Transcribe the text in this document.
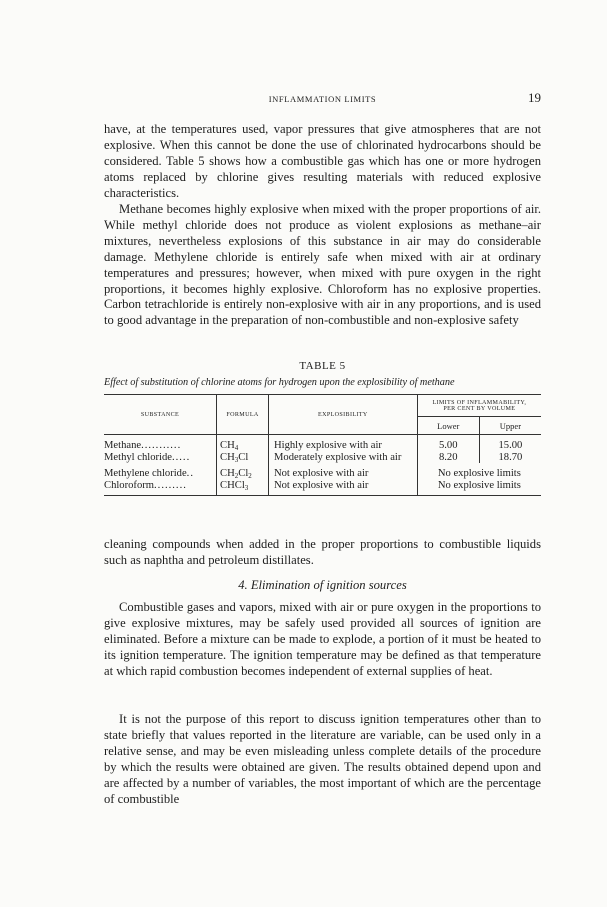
INFLAMMATION LIMITS	19

have, at the temperatures used, vapor pressures that give atmospheres that are not explosive. When this cannot be done the use of chlorinated hydrocarbons should be considered. Table 5 shows how a combustible gas which has one or more hydrogen atoms replaced by chlorine gives resulting materials with reduced explosive characteristics.

Methane becomes highly explosive when mixed with the proper proportions of air. While methyl chloride does not produce as violent explosions as methane–air mixtures, nevertheless explosions of this substance in air may do considerable damage. Methylene chloride is entirely safe when mixed with air at ordinary temperatures and pressures; however, when mixed with pure oxygen in the right proportions, it becomes highly explosive. Chloroform has no explosive properties. Carbon tetrachloride is entirely non-explosive with air in any proportions, and is used to good advantage in the preparation of non-combustible and non-explosive safety

TABLE 5
Effect of substitution of chlorine atoms for hydrogen upon the explosibility of methane
SUBSTANCE	FORMULA	EXPLOSIBILITY	LIMITS OF INFLAMMABILITY,
PER CENT BY VOLUME	

			Lower	Upper
Methane...........	$CH_4$	Highly explosive with air	5.00	15.00
Methyl chloride.....	$CH_3Cl$	Moderately explosive with air	8.20	18.70
Methylene chloride..	$CH_2Cl_2$	Not explosive with air	No explosive limits	
Chloroform.........	CHCl$_3$	Not explosive with air	No explosive limits	

cleaning compounds when added in the proper proportions to combustible liquids such as naphtha and petroleum distillates.

4. Elimination of ignition sources

Combustible gases and vapors, mixed with air or pure oxygen in the proportions to give explosive mixtures, may be safely used provided all sources of ignition are eliminated. Before a mixture can be made to explode, a portion of it must be heated to its ignition temperature. The ignition temperature may be defined as that temperature at which rapid combustion becomes independent of external supplies of heat.

It is not the purpose of this report to discuss ignition temperatures other than to state briefly that values reported in the literature are variable, can be used only in a relative sense, and may be even misleading unless complete details of the procedure by which the results were obtained are given. The results obtained depend upon and are affected by a number of variables, the most important of which are the percentage of combustible
